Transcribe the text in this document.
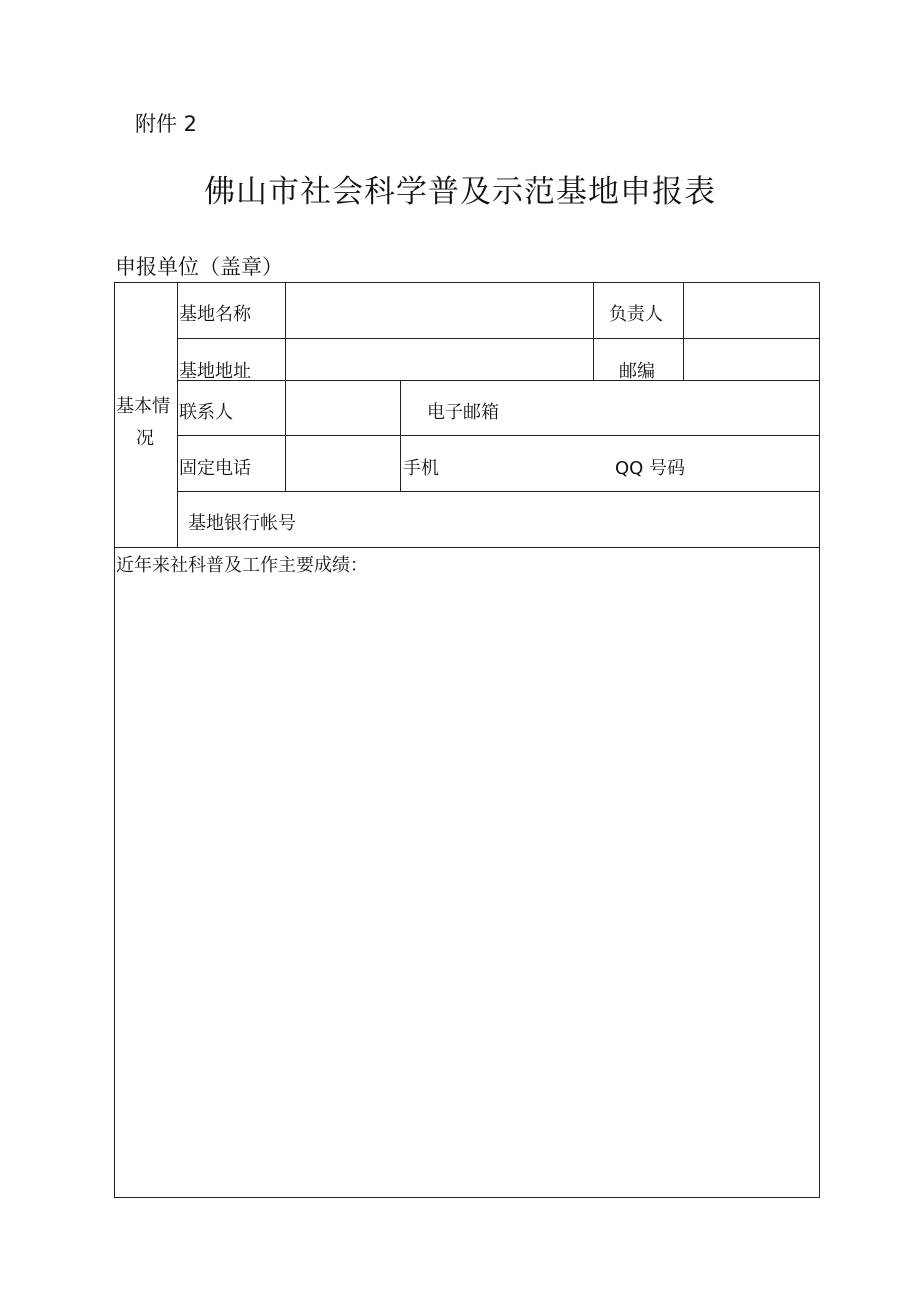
附件 2
佛山市社会科学普及示范基地申报表
申报单位（盖章）
基本情
况
基地名称	负责人
基地地址	邮编
联系人	电子邮箱
固定电话	手机	QQ 号码
基地银行帐号
近年来社科普及工作主要成绩：
